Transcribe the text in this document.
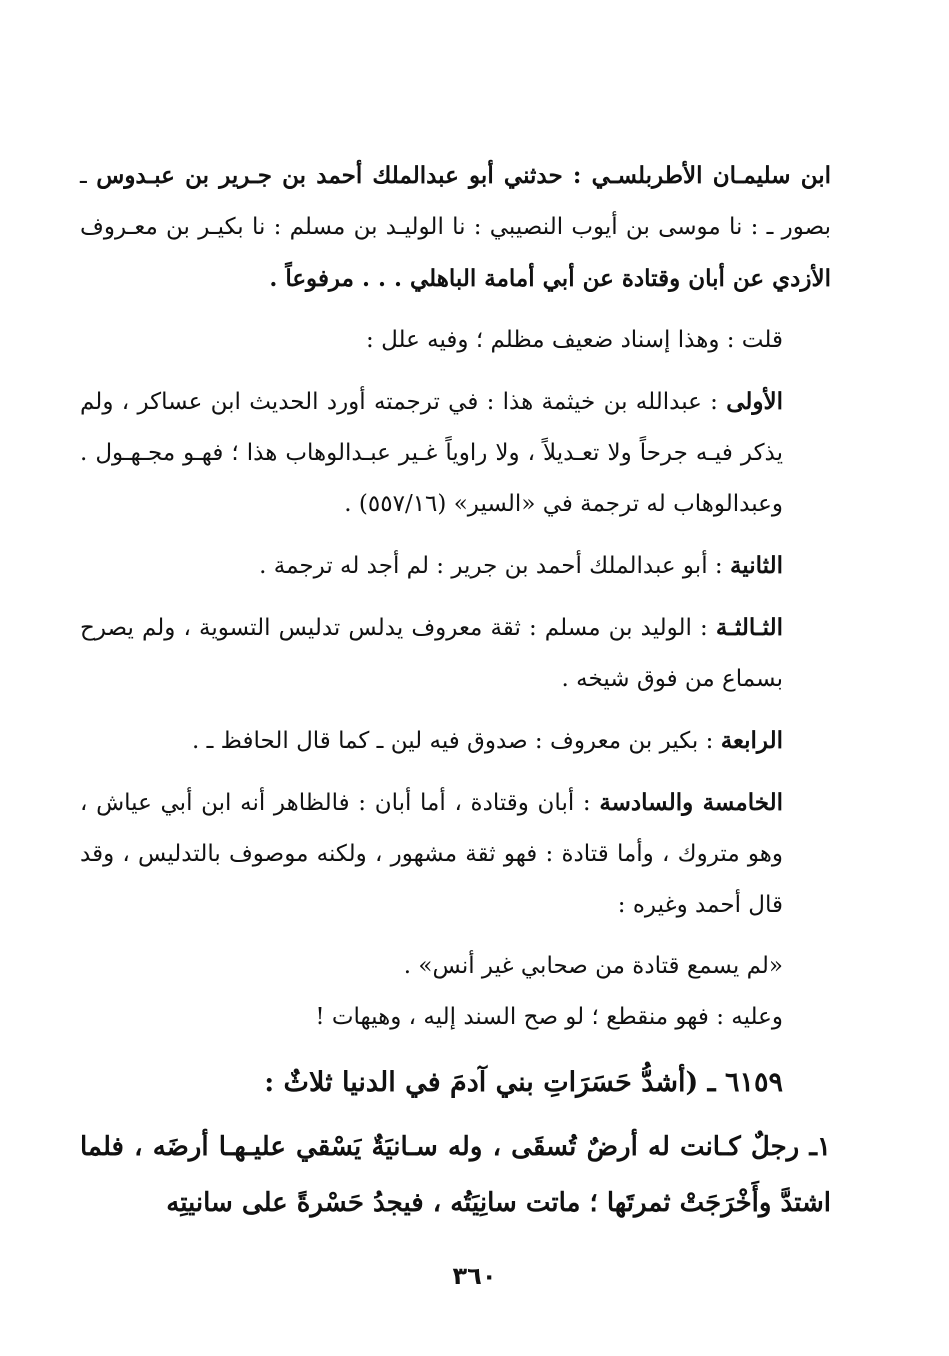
ابن سليمـان الأطربلسـي : حدثني أبو عبدالملك أحمد بن جـرير بن عبـدوس ـ بصور ـ : نا موسى بن أيوب النصيبي : نا الوليـد بن مسلم : نا بكيـر بن معـروف الأزدي عن أبان وقتادة عن أبي أمامة الباهلي . . . مرفوعاً .

قلت : وهذا إسناد ضعيف مظلم ؛ وفيه علل :

الأولى : عبدالله بن خيثمة هذا : في ترجمته أورد الحديث ابن عساكر ، ولم يذكر فيـه جرحاً ولا تعـديلاً ، ولا راوياً غـير عبـدالوهاب هذا ؛ فهـو مجـهـول . وعبدالوهاب له ترجمة في «السير» (٥٥٧/١٦) .

الثانية : أبو عبدالملك أحمد بن جرير : لم أجد له ترجمة .

الثـالثـة : الوليد بن مسلم : ثقة معروف يدلس تدليس التسوية ، ولم يصرح بسماع من فوق شيخه .

الرابعة : بكير بن معروف : صدوق فيه لين ـ كما قال الحافظ ـ .

الخامسة والسادسة : أبان وقتادة ، أما أبان : فالظاهر أنه ابن أبي عياش ، وهو متروك ، وأما قتادة : فهو ثقة مشهور ، ولكنه موصوف بالتدليس ، وقد قال أحمد وغيره :

«لم يسمع قتادة من صحابي غير أنس» .

وعليه : فهو منقطع ؛ لو صح السند إليه ، وهيهات !

٦١٥٩ ـ (أشدُّ حَسَرَاتِ بني آدمَ في الدنيا ثلاثٌ :

١ـ رجلٌ كـانت له أرضٌ تُسقَى ، وله سـانيَةٌ يَسْقي عليـهـا أرضَه ، فلما اشتدَّ وأَخْرَجَتْ ثمرتَها ؛ ماتت سانِيَتُه ، فيجدُ حَسْرةً على سانيتِه

٣٦٠
